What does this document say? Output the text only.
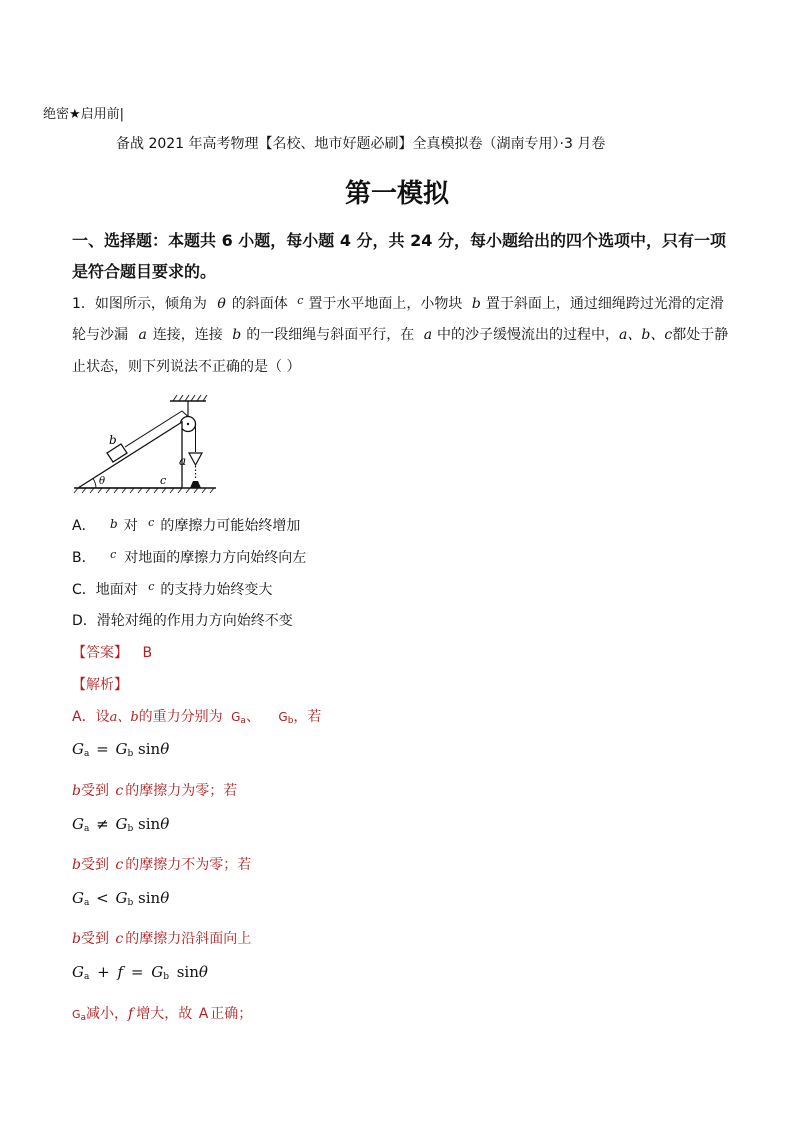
绝密★启用前|
备战 2021 年高考物理【名校、地市好题必刷】全真模拟卷（湖南专用）·3 月卷
第一模拟
一、选择题：本题共 6 小题，每小题 4 分，共 24 分，每小题给出的四个选项中，只有一项
是符合题目要求的。
1．如图所示，倾角为 θ 的斜面体 $^c$ 置于水平地面上，小物块 b 置于斜面上，通过细绳跨过光滑的定滑
轮与沙漏 a 连接，连接 b 的一段细绳与斜面平行，在 a 中的沙子缓慢流出的过程中，a、b、c都处于静
止状态，则下列说法不正确的是（ ）
θ
b
a
c
A． b 对 $^c$ 的摩擦力可能始终增加
B． $^c$ 对地面的摩擦力方向始终向左
C．地面对 $^c$ 的支持力始终变大
D．滑轮对绳的作用力方向始终不变
【答案】 B
【解析】
A．设a、b的重力分别为 $G_a$、 $G_b$，若
$G_a = G_b$ sinθ
b受到 c 的摩擦力为零；若
$G_a \ne G_b$ sinθ
b受到 c 的摩擦力不为零；若
$G_a < G_b$ sinθ
b受到 c 的摩擦力沿斜面向上
$G_a + f = G_b$ sinθ
$G_a$减小，f 增大，故 A 正确；
